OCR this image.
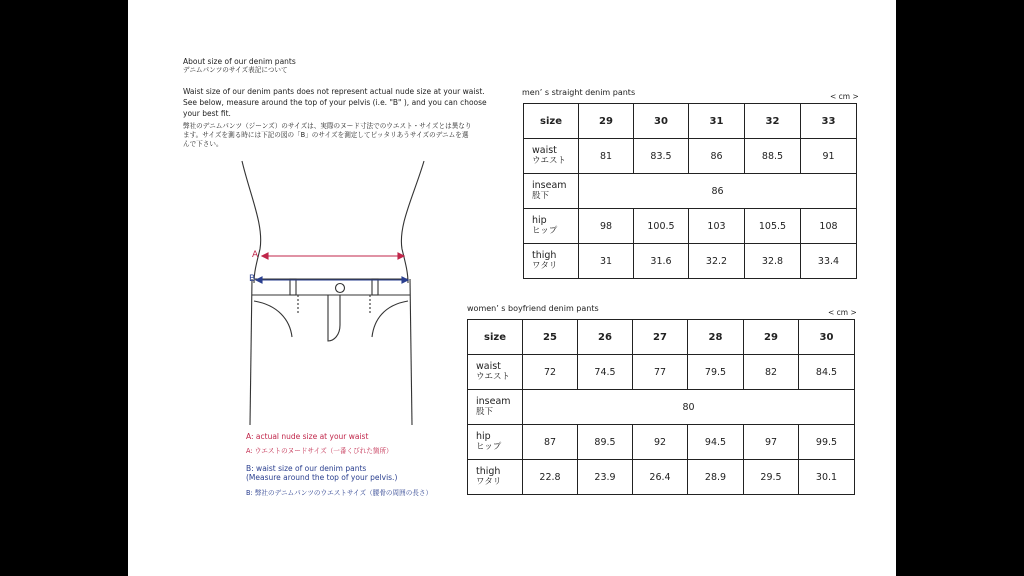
About size of our denim pants
デニムパンツのサイズ表記について
Waist size of our denim pants does not represent actual nude size at your waist.
See below, measure around the top of your pelvis (i.e. "B" ), and you can choose
your best fit.
弊社のデニムパンツ（ジーンズ）のサイズは、実際のヌード寸法でのウエスト・サイズとは異なり
ます。サイズを測る時には下記の図の「B」のサイズを測定してピッタリあうサイズのデニムを選
んで下さい。
A
B
A: actual nude size at your waist
A: ウエストのヌードサイズ（一番くびれた箇所）
B: waist size of our denim pants
(Measure around the top of your pelvis.)
B: 弊社のデニムパンツのウエストサイズ（腰骨の周囲の長さ）
men’ s straight denim pants	< cm >
size	29	30	31	32	33
waist
ウエスト	81	83.5	86	88.5	91
inseam
股下	86				
hip
ヒップ	98	100.5	103	105.5	108
thigh
ワタリ	31	31.6	32.2	32.8	33.4
women’ s boyfriend denim pants	< cm >
size	25	26	27	28	29	30
waist
ウエスト	72	74.5	77	79.5	82	84.5
inseam
股下	80					
hip
ヒップ	87	89.5	92	94.5	97	99.5
thigh
ワタリ	22.8	23.9	26.4	28.9	29.5	30.1
